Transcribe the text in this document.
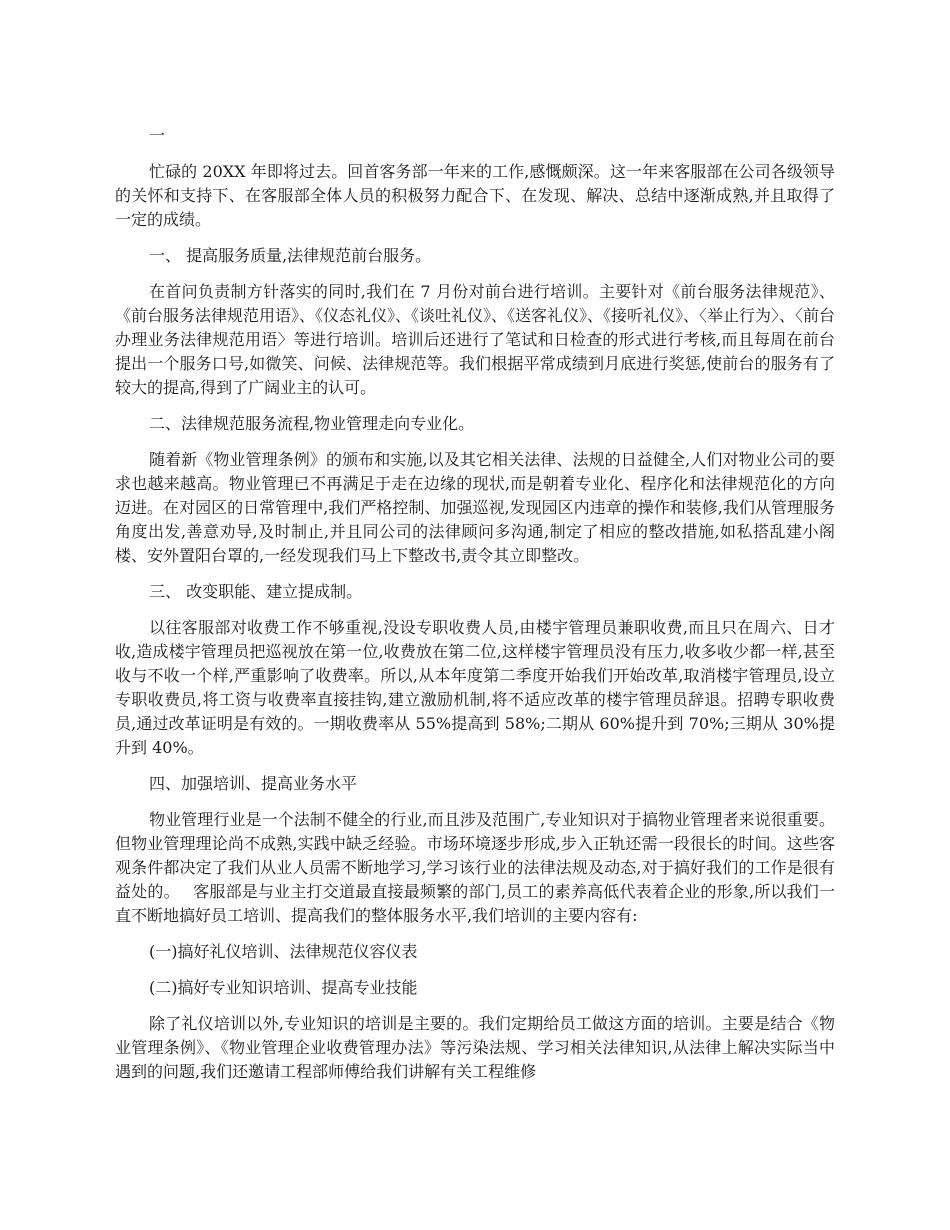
一

忙碌的 20XX 年即将过去。回首客务部一年来的工作,感慨颇深。这一年来客服部在公司各级领导的关怀和支持下、在客服部全体人员的积极努力配合下、在发现、解决、总结中逐渐成熟,并且取得了一定的成绩。

一、 提高服务质量,法律规范前台服务。

在首问负责制方针落实的同时,我们在 7 月份对前台进行培训。主要针对《前台服务法律规范》、《前台服务法律规范用语》、《仪态礼仪》、《谈吐礼仪》、《送客礼仪》、《接听礼仪》、〈举止行为〉、〈前台办理业务法律规范用语〉等进行培训。培训后还进行了笔试和日检查的形式进行考核,而且每周在前台提出一个服务口号,如微笑、问候、法律规范等。我们根据平常成绩到月底进行奖惩,使前台的服务有了较大的提高,得到了广阔业主的认可。

二、法律规范服务流程,物业管理走向专业化。

随着新《物业管理条例》的颁布和实施,以及其它相关法律、法规的日益健全,人们对物业公司的要求也越来越高。物业管理已不再满足于走在边缘的现状,而是朝着专业化、程序化和法律规范化的方向迈进。在对园区的日常管理中,我们严格控制、加强巡视,发现园区内违章的操作和装修,我们从管理服务角度出发,善意劝导,及时制止,并且同公司的法律顾问多沟通,制定了相应的整改措施,如私搭乱建小阁楼、安外置阳台罩的,一经发现我们马上下整改书,责令其立即整改。

三、 改变职能、建立提成制。

以往客服部对收费工作不够重视,没设专职收费人员,由楼宇管理员兼职收费,而且只在周六、日才收,造成楼宇管理员把巡视放在第一位,收费放在第二位,这样楼宇管理员没有压力,收多收少都一样,甚至收与不收一个样,严重影响了收费率。所以,从本年度第二季度开始我们开始改革,取消楼宇管理员,设立专职收费员,将工资与收费率直接挂钩,建立激励机制,将不适应改革的楼宇管理员辞退。招聘专职收费员,通过改革证明是有效的。一期收费率从 55%提高到 58%;二期从 60%提升到 70%;三期从 30%提升到 40%。

四、加强培训、提高业务水平

物业管理行业是一个法制不健全的行业,而且涉及范围广,专业知识对于搞物业管理者来说很重要。但物业管理理论尚不成熟,实践中缺乏经验。市场环境逐步形成,步入正轨还需一段很长的时间。这些客观条件都决定了我们从业人员需不断地学习,学习该行业的法律法规及动态,对于搞好我们的工作是很有益处的。　 客服部是与业主打交道最直接最频繁的部门,员工的素养高低代表着企业的形象,所以我们一直不断地搞好员工培训、提高我们的整体服务水平,我们培训的主要内容有:

(一)搞好礼仪培训、法律规范仪容仪表

(二)搞好专业知识培训、提高专业技能

除了礼仪培训以外,专业知识的培训是主要的。我们定期给员工做这方面的培训。主要是结合《物业管理条例》、《物业管理企业收费管理办法》等污染法规、学习相关法律知识,从法律上解决实际当中遇到的问题,我们还邀请工程部师傅给我们讲解有关工程维修
